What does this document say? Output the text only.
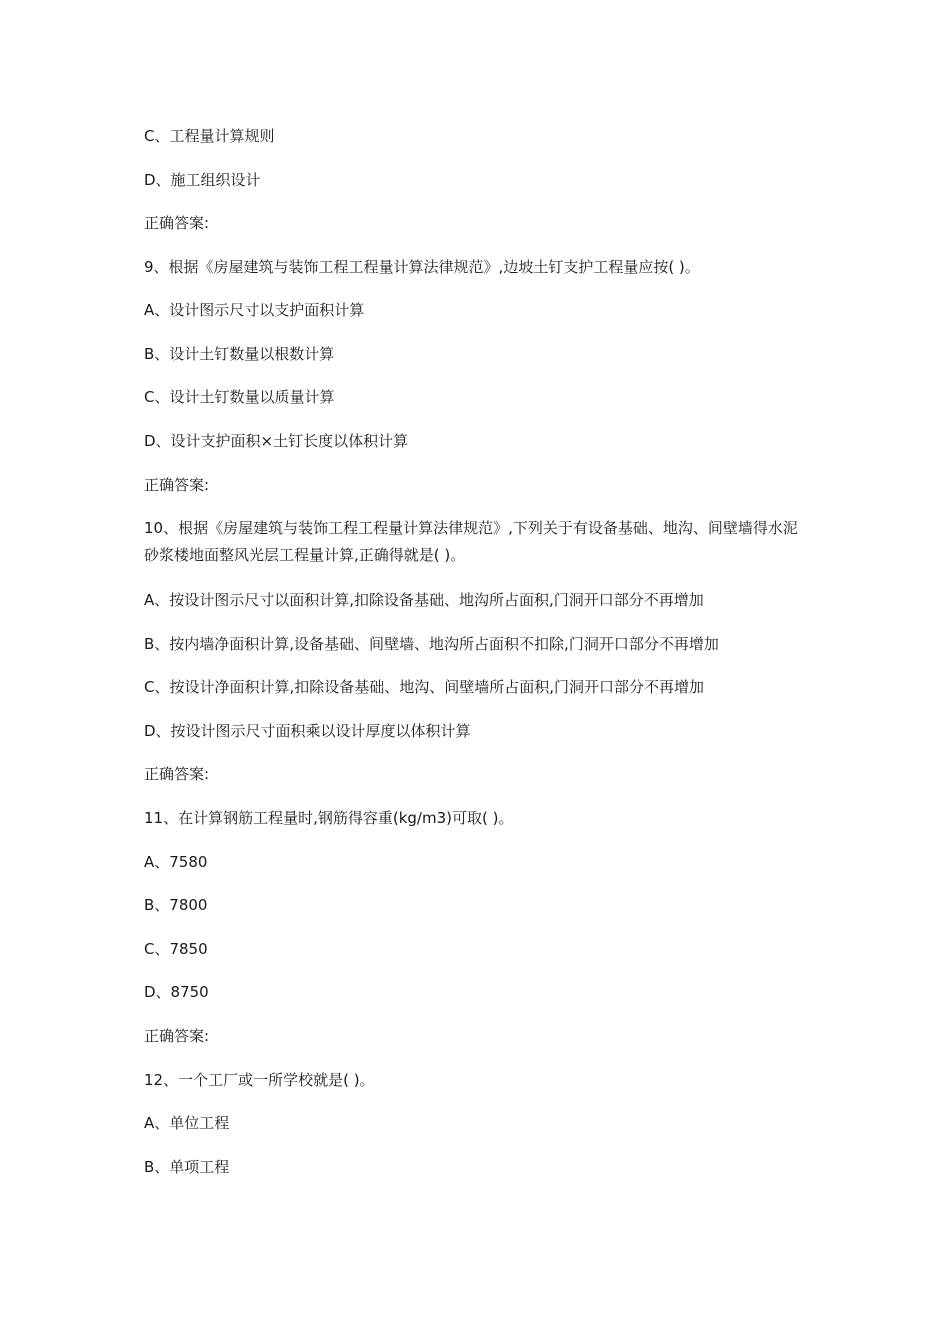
C、工程量计算规则
D、施工组织设计
正确答案:
9、根据《房屋建筑与装饰工程工程量计算法律规范》,边坡土钉支护工程量应按( )。
A、设计图示尺寸以支护面积计算
B、设计土钉数量以根数计算
C、设计土钉数量以质量计算
D、设计支护面积×土钉长度以体积计算
正确答案:
10、根据《房屋建筑与装饰工程工程量计算法律规范》,下列关于有设备基础、地沟、间壁墙得水泥砂浆楼地面整风光层工程量计算,正确得就是( )。
A、按设计图示尺寸以面积计算,扣除设备基础、地沟所占面积,门洞开口部分不再增加
B、按内墙净面积计算,设备基础、间壁墙、地沟所占面积不扣除,门洞开口部分不再增加
C、按设计净面积计算,扣除设备基础、地沟、间壁墙所占面积,门洞开口部分不再增加
D、按设计图示尺寸面积乘以设计厚度以体积计算
正确答案:
11、在计算钢筋工程量时,钢筋得容重(kg/m3)可取( )。
A、7580
B、7800
C、7850
D、8750
正确答案:
12、一个工厂或一所学校就是( )。
A、单位工程
B、单项工程
